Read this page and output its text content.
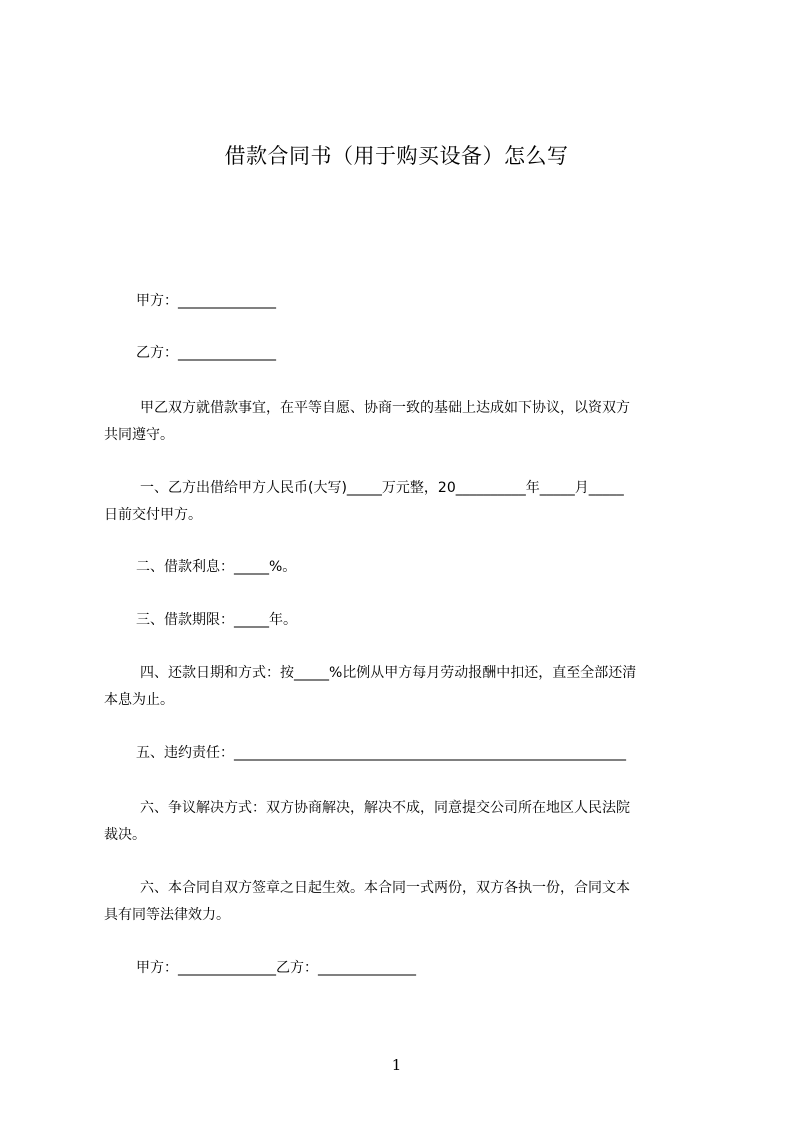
借款合同书（用于购买设备）怎么写
甲方：______________
乙方：______________
甲乙双方就借款事宜，在平等自愿、协商一致的基础上达成如下协议，以资双方
共同遵守。
一、乙方出借给甲方人民币(大写)_____万元整，20__________年_____月_____
日前交付甲方。
二、借款利息：_____%。
三、借款期限：_____年。
四、还款日期和方式：按_____%比例从甲方每月劳动报酬中扣还，直至全部还清
本息为止。
五、违约责任：________________________________________________________
六、争议解决方式：双方协商解决，解决不成，同意提交公司所在地区人民法院
裁决。
六、本合同自双方签章之日起生效。本合同一式两份，双方各执一份，合同文本
具有同等法律效力。
甲方：______________乙方：______________
1
